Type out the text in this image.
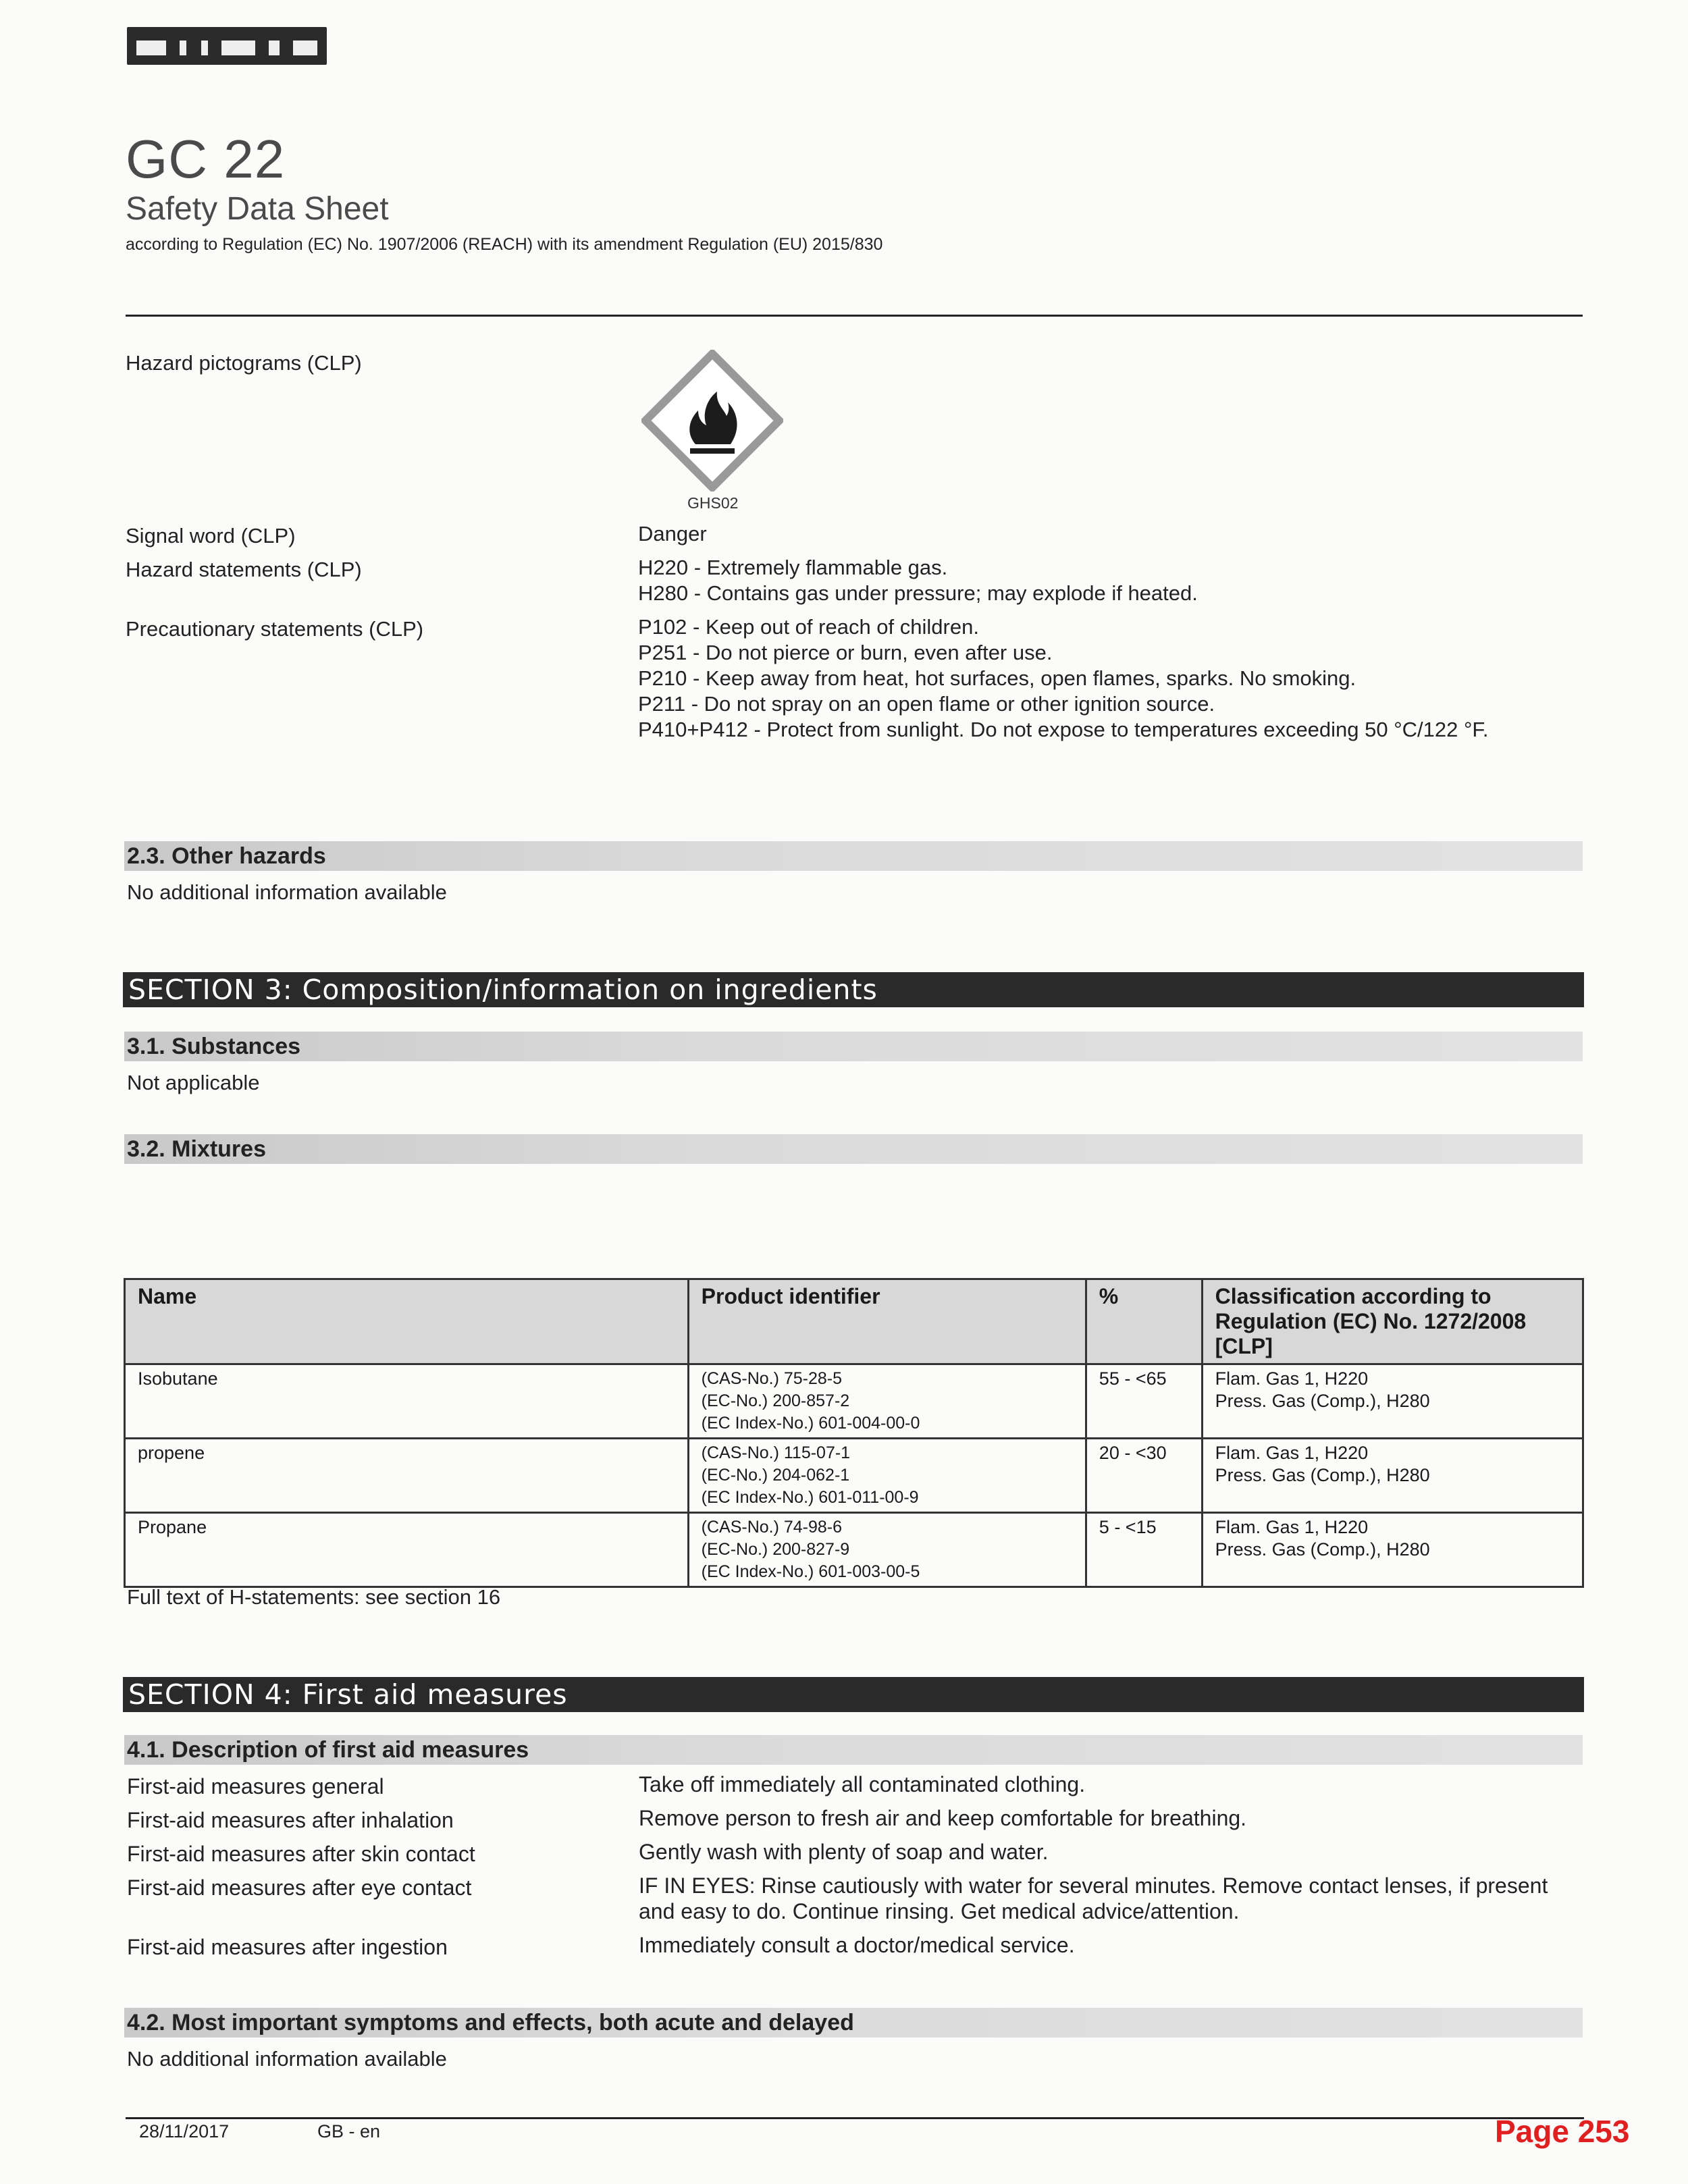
GC 22
Safety Data Sheet
according to Regulation (EC) No. 1907/2006 (REACH) with its amendment Regulation (EU) 2015/830
Hazard pictograms (CLP)
GHS02
Signal word (CLP)	Danger
Hazard statements (CLP)	H220 - Extremely flammable gas.
H280 - Contains gas under pressure; may explode if heated.
Precautionary statements (CLP)	P102 - Keep out of reach of children.
P251 - Do not pierce or burn, even after use.
P210 - Keep away from heat, hot surfaces, open flames, sparks. No smoking.
P211 - Do not spray on an open flame or other ignition source.
P410+P412 - Protect from sunlight. Do not expose to temperatures exceeding 50 °C/122 °F.
2.3. Other hazards
No additional information available
SECTION 3: Composition/information on ingredients
3.1. Substances
Not applicable
3.2. Mixtures
Name	Product identifier	%	Classification according to Regulation (EC) No. 1272/2008 [CLP]
Isobutane	(CAS-No.) 75-28-5
(EC-No.) 200-857-2
(EC Index-No.) 601-004-00-0	55 - <65	Flam. Gas 1, H220
Press. Gas (Comp.), H280

propene	(CAS-No.) 115-07-1
(EC-No.) 204-062-1
(EC Index-No.) 601-011-00-9	20 - <30	Flam. Gas 1, H220
Press. Gas (Comp.), H280

Propane	(CAS-No.) 74-98-6
(EC-No.) 200-827-9
(EC Index-No.) 601-003-00-5	5 - <15	Flam. Gas 1, H220
Press. Gas (Comp.), H280
Full text of H-statements: see section 16
SECTION 4: First aid measures
4.1. Description of first aid measures
First-aid measures general	Take off immediately all contaminated clothing.
First-aid measures after inhalation	Remove person to fresh air and keep comfortable for breathing.
First-aid measures after skin contact	Gently wash with plenty of soap and water.
First-aid measures after eye contact	IF IN EYES: Rinse cautiously with water for several minutes. Remove contact lenses, if present and easy to do. Continue rinsing. Get medical advice/attention.
First-aid measures after ingestion	Immediately consult a doctor/medical service.
4.2. Most important symptoms and effects, both acute and delayed
No additional information available
28/11/2017	GB - en	Page 253
